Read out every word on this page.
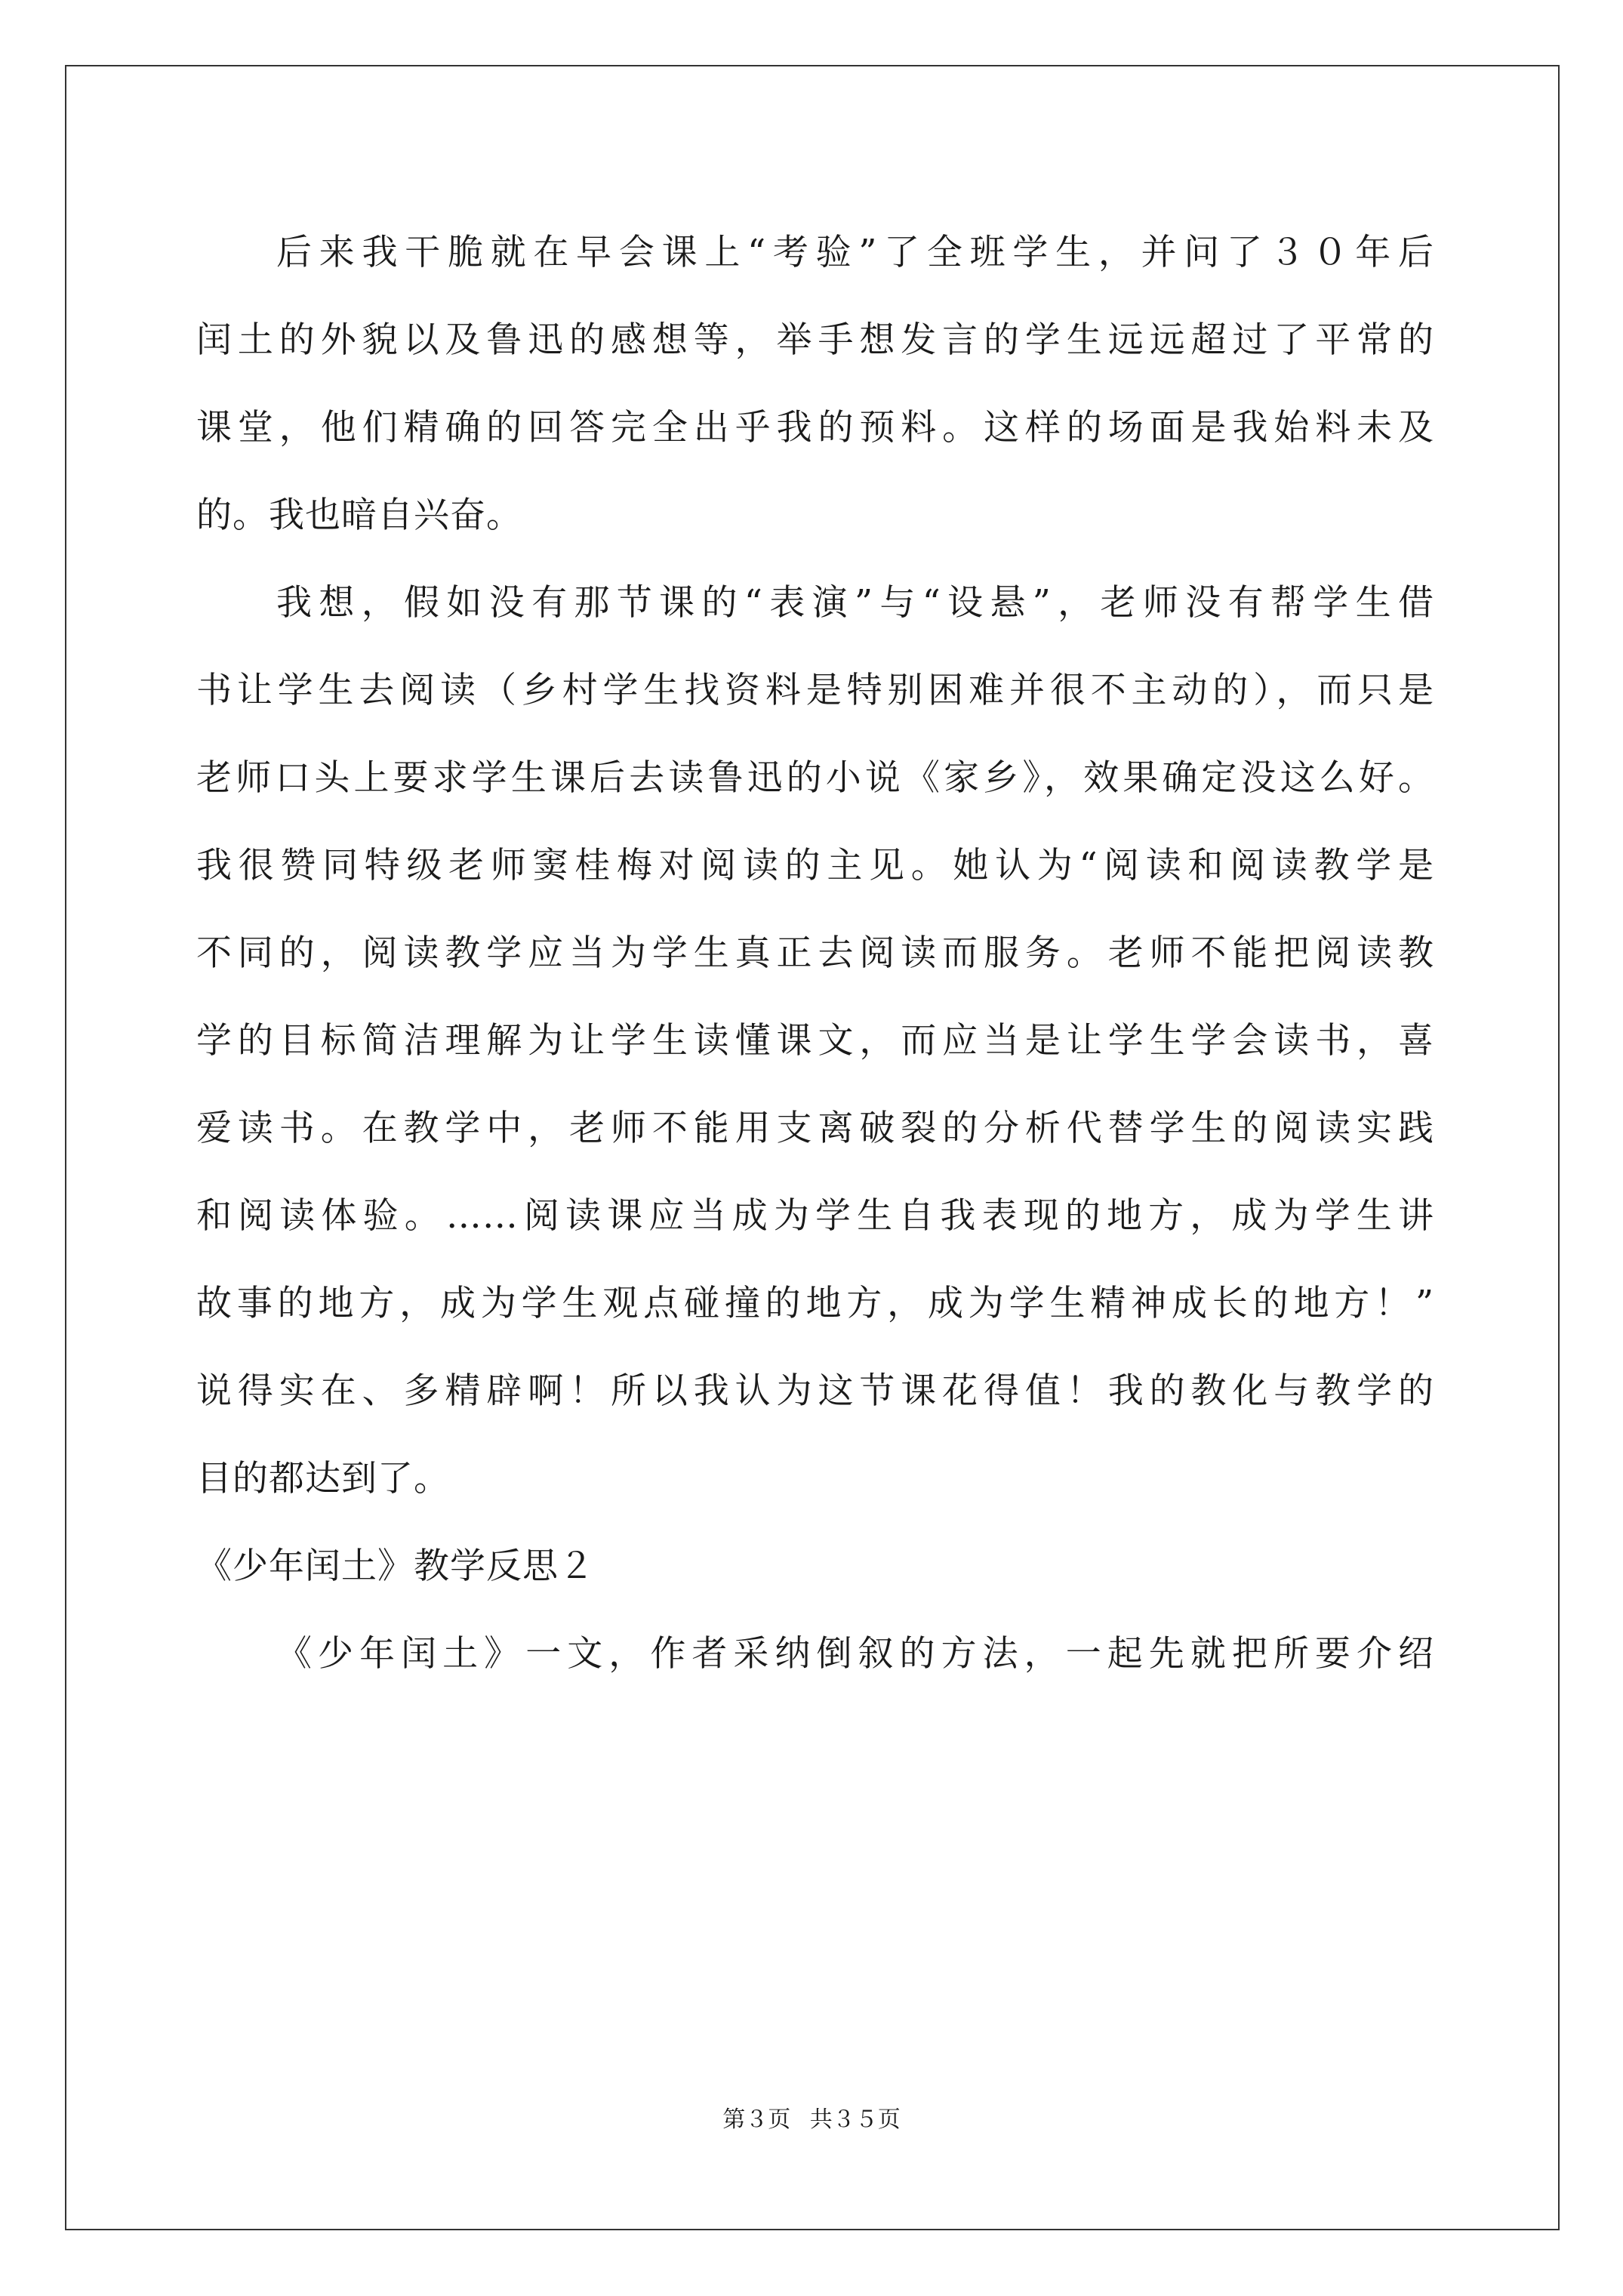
后来我干脆就在早会课上“考验”了全班学生，并问了３０年后
闰土的外貌以及鲁迅的感想等，举手想发言的学生远远超过了平常的
课堂，他们精确的回答完全出乎我的预料。这样的场面是我始料未及
的。我也暗自兴奋。
我想，假如没有那节课的“表演”与“设悬”，老师没有帮学生借
书让学生去阅读（乡村学生找资料是特别困难并很不主动的），而只是
老师口头上要求学生课后去读鲁迅的小说《家乡》，效果确定没这么好。
我很赞同特级老师窦桂梅对阅读的主见。她认为“阅读和阅读教学是
不同的，阅读教学应当为学生真正去阅读而服务。老师不能把阅读教
学的目标简洁理解为让学生读懂课文，而应当是让学生学会读书，喜
爱读书。在教学中，老师不能用支离破裂的分析代替学生的阅读实践
和阅读体验。……阅读课应当成为学生自我表现的地方，成为学生讲
故事的地方，成为学生观点碰撞的地方，成为学生精神成长的地方！”
说得实在、多精辟啊！所以我认为这节课花得值！我的教化与教学的
目的都达到了。
《少年闰土》教学反思２
《少年闰土》一文，作者采纳倒叙的方法，一起先就把所要介绍
第３页 共３５页
